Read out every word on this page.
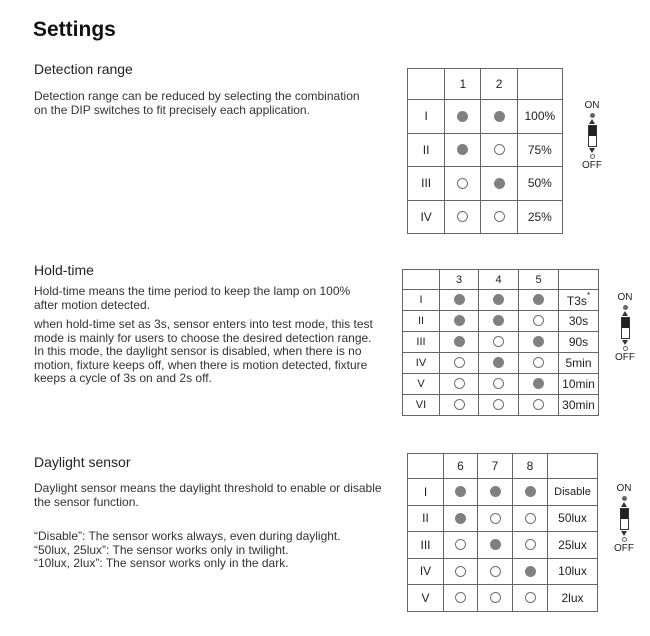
Settings
Detection range

Detection range can be reduced by selecting the combination

on the DIP switches to fit precisely each application.

	1	2	
I			100%
II			75%
III			50%
IV			25%
ON
OFF
Hold-time

Hold-time means the time period to keep the lamp on 100%

after motion detected.

when hold-time set as 3s, sensor enters into test mode, this test

mode is mainly for users to choose the desired detection range.

In this mode, the daylight sensor is disabled, when there is no

motion, fixture keeps off, when there is motion detected, fixture

keeps a cycle of 3s on and 2s off.

	3	4	5	
I				T3s*
II				30s
III				90s
IV				5min
V				10min
VI				30min
ON
OFF
Daylight sensor

Daylight sensor means the daylight threshold to enable or disable

the sensor function.

“Disable”: The sensor works always, even during daylight.

“50lux, 25lux”: The sensor works only in twilight.

“10lux, 2lux”: The sensor works only in the dark.

	6	7	8	
I				Disable
II				50lux
III				25lux
IV				10lux
V				2lux
ON
OFF
